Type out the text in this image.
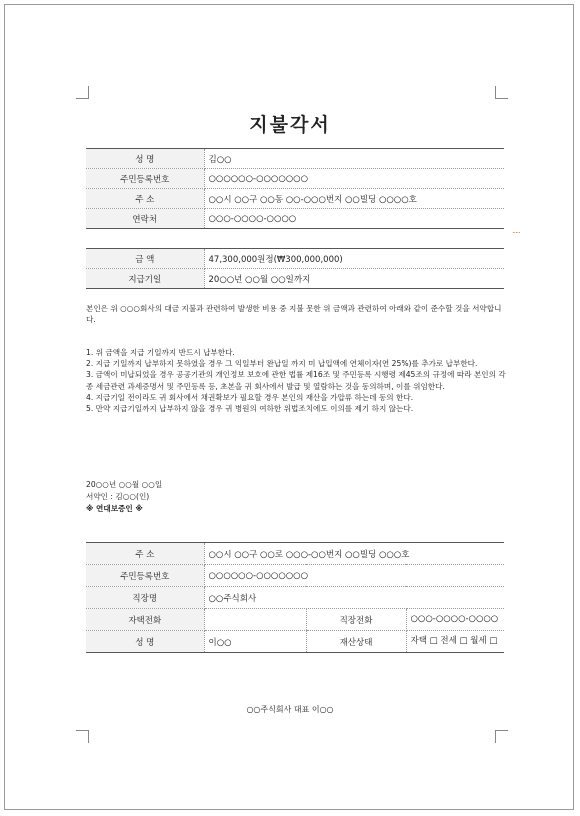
.....
지불각서
성 명	김○○
주민등록번호	○○○○○○-○○○○○○○
주 소	○○시 ○○구 ○○동 ○○-○○○번지 ○○빌딩 ○○○○호
연락처	○○○-○○○○-○○○○
금 액	47,300,000원정(₩300,000,000)
지급기일	20○○년 ○○월 ○○일까지

본인은 위 ○○○회사의 대금 지불과 관련하여 발생한 비용 중 지불 못한 위 금액과 관련하여 아래와 같이 준수할 것을 서약합니다.

1. 위 금액을 지급 기일까지 반드시 납부한다.

2. 지급 기일까지 납부하지 못하였을 경우 그 익일부터 완납일 까지 미 납입액에 연체이자(연 25%)를 추가로 납부한다.

3. 금액이 미납되었을 경우 공공기관의 개인정보 보호에 관한 법률 제16조 및 주민등록 시행령 제45조의 규정에 따라 본인의 각종 세금관련 과세증명서 및 주민등록 등, 초본을 귀 회사에서 발급 및 열람하는 것을 동의하며, 이를 위임한다.

4. 지급기일 전이라도 귀 회사에서 채권확보가 필요할 경우 본인의 재산을 가압류 하는데 동의 한다.

5. 만약 지급기일까지 납부하지 않을 경우 귀 병원의 여하한 위법조치에도 이의를 제기 하지 않는다.

20○○년 ○○월 ○○일
서약인 : 김○○(인)
※ 연대보증인 ※
주 소	○○시 ○○구 ○○로 ○○○-○○번지 ○○빌딩 ○○○호		
주민등록번호	○○○○○○-○○○○○○○		
직장명	○○주식회사		
자택전화		직장전화	○○○-○○○○-○○○○
성 명	이○○	재산상태	자택 □ 전세 □ 월세 □
○○주식회사 대표 이○○
